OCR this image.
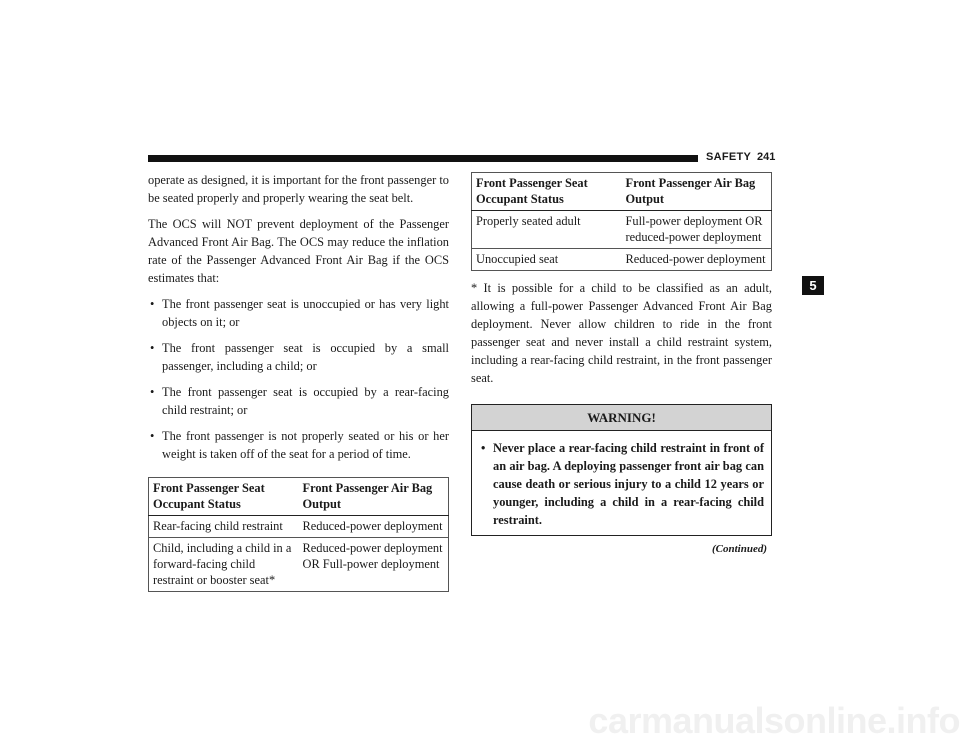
SAFETY 241
5

operate as designed, it is important for the front passenger to be seated properly and properly wearing the seat belt.

The OCS will NOT prevent deployment of the Passenger Advanced Front Air Bag. The OCS may reduce the inflation rate of the Passenger Advanced Front Air Bag if the OCS estimates that:

• The front passenger seat is unoccupied or has very light objects on it; or
• The front passenger seat is occupied by a small passenger, including a child; or
• The front passenger seat is occupied by a rear-facing child restraint; or
• The front passenger is not properly seated or his or her weight is taken off of the seat for a period of time.
Front Passenger Seat Occupant Status	Front Passenger Air Bag Output
Rear-facing child restraint	Reduced-power deployment
Child, including a child in a forward-facing child restraint or booster seat*	Reduced-power deployment OR Full-power deployment
Front Passenger Seat Occupant Status	Front Passenger Air Bag Output
Properly seated adult	Full-power deployment OR reduced-power deployment
Unoccupied seat	Reduced-power deployment

* It is possible for a child to be classified as an adult, allowing a full-power Passenger Advanced Front Air Bag deployment. Never allow children to ride in the front passenger seat and never install a child restraint system, including a rear-facing child restraint, in the front passenger seat.

WARNING!
• Never place a rear-facing child restraint in front of an air bag. A deploying passenger front air bag can cause death or serious injury to a child 12 years or younger, including a child in a rear-facing child restraint.
(Continued)
carmanualsonline.info
